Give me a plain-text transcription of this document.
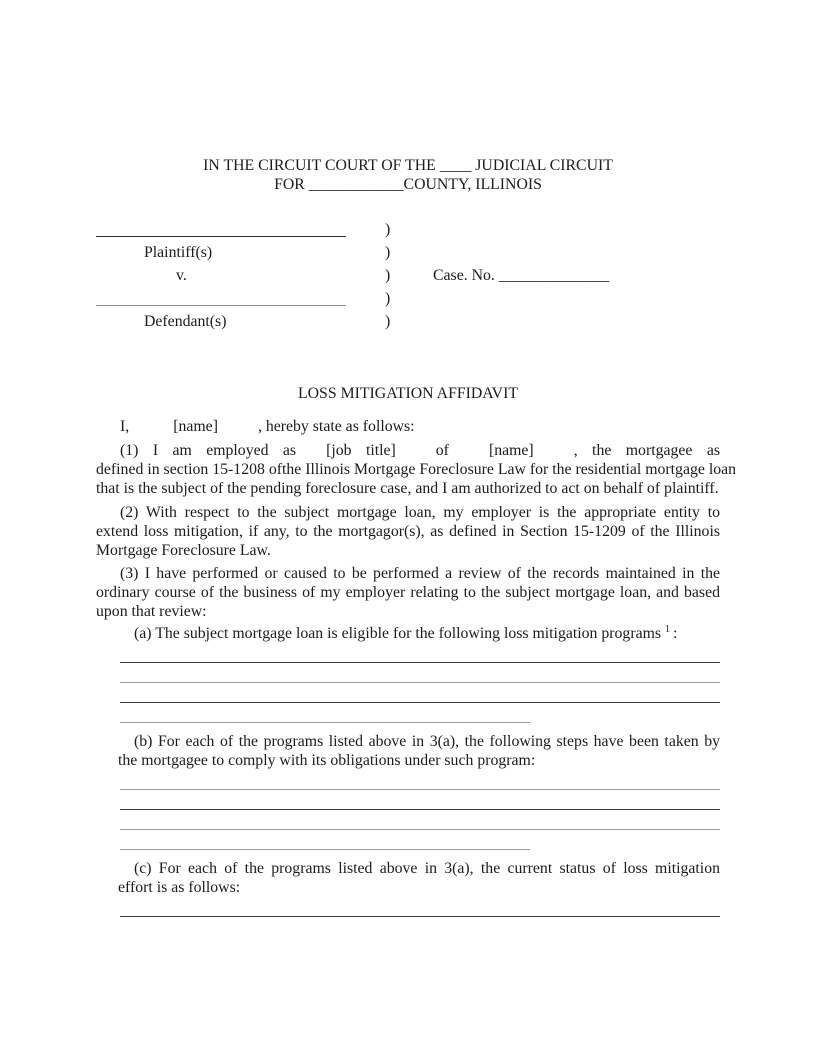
IN THE CIRCUIT COURT OF THE ____ JUDICIAL CIRCUIT
FOR ____________COUNTY, ILLINOIS
)
Plaintiff(s)	)
v.	)	Case. No. ______________
)
Defendant(s)	)
LOSS MITIGATION AFFIDAVIT
I,	[name]	, hereby state as follows:
(1) I am employed as [job title]	of	[name]	, the mortgagee as
defined in section 15-1208 ofthe Illinois Mortgage Foreclosure Law for the residential mortgage loan
that is the subject of the pending foreclosure case, and I am authorized to act on behalf of plaintiff.
(2) With respect to the subject mortgage loan, my employer is the appropriate entity to
extend loss mitigation, if any, to the mortgagor(s), as defined in Section 15-1209 of the Illinois
Mortgage Foreclosure Law.
(3) I have performed or caused to be performed a review of the records maintained in the
ordinary course of the business of my employer relating to the subject mortgage loan, and based
upon that review:
(a) The subject mortgage loan is eligible for the following loss mitigation programs $^1$ :
(b) For each of the programs listed above in 3(a), the following steps have been taken by
the mortgagee to comply with its obligations under such program:
(c) For each of the programs listed above in 3(a), the current status of loss mitigation
effort is as follows:
